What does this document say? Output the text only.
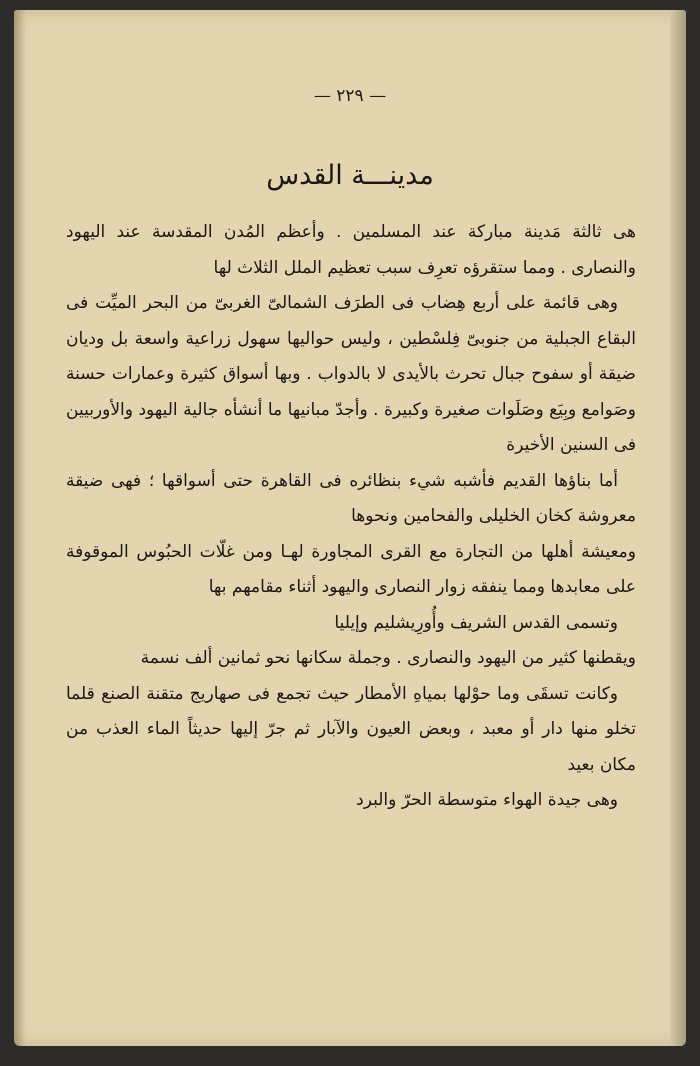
— ٢٢٩ —
مدينـــة القدس

هى ثالثة مَدينة مباركة عند المسلمين . وأعظم المُدن المقدسة عند اليهود والنصارى . ومما ستقرؤه تعرِف سبب تعظيم الملل الثلاث لها

وهى قائمة على أربع هِضاب فى الطرَف الشمالىّ الغربىّ من البحر الميِّت فى البقاع الجبلية من جنوبىّ فِلسْطين ، وليس حواليها سهول زراعية واسعة بل وديان ضيقة أو سفوح جبال تحرث بالأيدى لا بالدواب . وبها أسواق كثيرة وعمارات حسنة وصَوامع وبِيَع وصَلَوات صغيرة وكبيرة . وأجدّ مبانيها ما أنشأه جالية اليهود والأوربيين فى السنين الأخيرة

أما بناؤها القديم فأشبه شيء بنظائره فى القاهرة حتى أسواقها ؛ فهى ضيقة معروشة كخان الخليلى والفحامين ونحوها

ومعيشة أهلها من التجارة مع القرى المجاورة لهـا ومن غلّات الحبُوس الموقوفة على معابدها ومما ينفقه زوار النصارى واليهود أثناء مقامهم بها

وتسمى القدس الشريف وأُورِيشليم وإيليا

ويقطنها كثير من اليهود والنصارى . وجملة سكانها نحو ثمانين ألف نسمة

وكانت تسقَى وما حوْلها بمياهِ الأمطار حيث تجمع فى صهاريج متقنة الصنع قلما تخلو منها دار أو معبد ، وبعض العيون والآبار ثم جرّ إليها حديثاً الماء العذب من مكان بعيد

وهى جيدة الهواء متوسطة الحرّ والبرد
